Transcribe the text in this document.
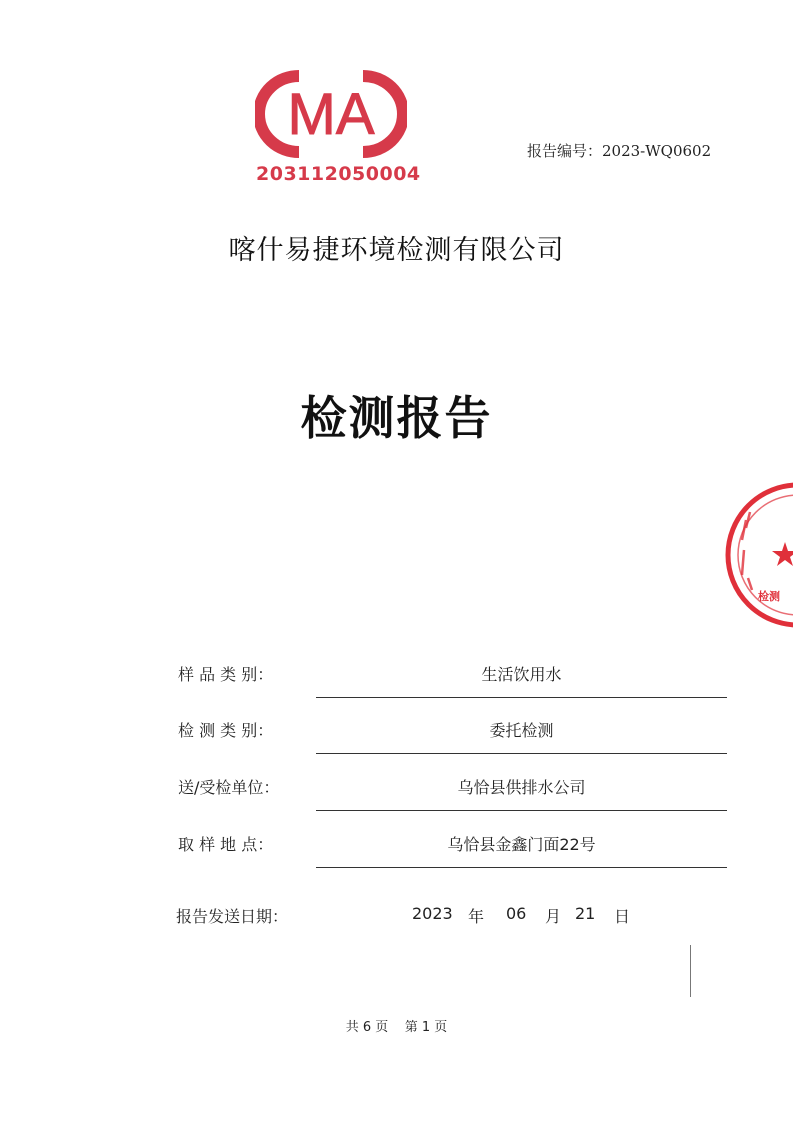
MA
203112050004
报告编号：2023-WQ0602
喀什易捷环境检测有限公司
检测报告
检测
样 品 类 别：	生活饮用水
检 测 类 别：	委托检测
送/受检单位：	乌恰县供排水公司
取 样 地 点：	乌恰县金鑫门面22号
报告发送日期：	2023 年 06 月 21 日
共 6 页    第 1 页
